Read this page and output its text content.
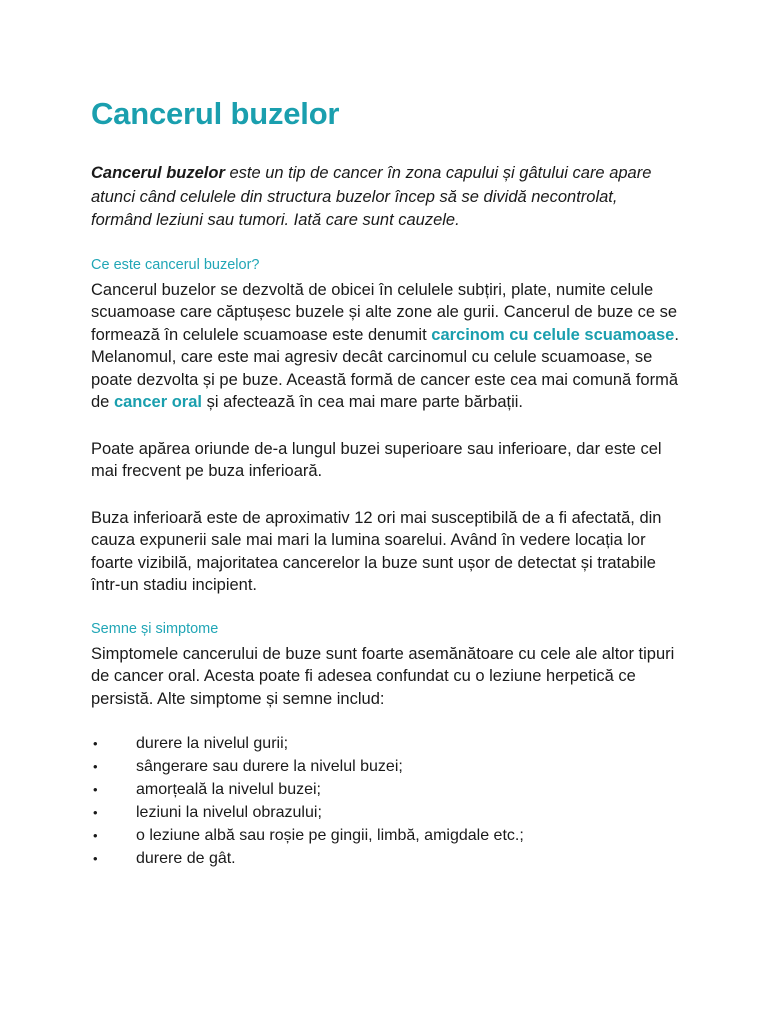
Cancerul buzelor

Cancerul buzelor este un tip de cancer în zona capului și gâtului care apare atunci când celulele din structura buzelor încep să se dividă necontrolat, formând leziuni sau tumori. Iată care sunt cauzele.

Ce este cancerul buzelor?

Cancerul buzelor se dezvoltă de obicei în celulele subțiri, plate, numite celule scuamoase care căptușesc buzele și alte zone ale gurii. Cancerul de buze ce se formează în celulele scuamoase este denumit carcinom cu celule scuamoase. Melanomul, care este mai agresiv decât carcinomul cu celule scuamoase, se poate dezvolta și pe buze. Această formă de cancer este cea mai comună formă de cancer oral și afectează în cea mai mare parte bărbații.

Poate apărea oriunde de-a lungul buzei superioare sau inferioare, dar este cel mai frecvent pe buza inferioară.

Buza inferioară este de aproximativ 12 ori mai susceptibilă de a fi afectată, din cauza expunerii sale mai mari la lumina soarelui. Având în vedere locația lor foarte vizibilă, majoritatea cancerelor la buze sunt ușor de detectat și tratabile într-un stadiu incipient.

Semne și simptome

Simptomele cancerului de buze sunt foarte asemănătoare cu cele ale altor tipuri de cancer oral. Acesta poate fi adesea confundat cu o leziune herpetică ce persistă. Alte simptome și semne includ:

• durere la nivelul gurii;
• sângerare sau durere la nivelul buzei;
• amorțeală la nivelul buzei;
• leziuni la nivelul obrazului;
• o leziune albă sau roșie pe gingii, limbă, amigdale etc.;
• durere de gât.
